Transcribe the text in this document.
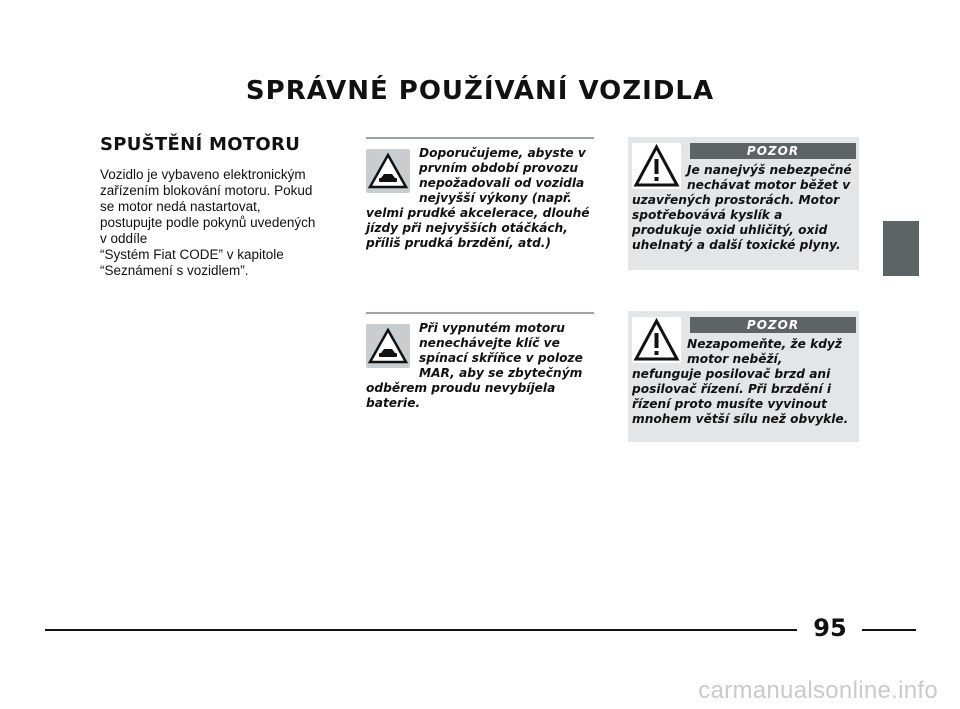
SPRÁVNÉ POUŽÍVÁNÍ VOZIDLA
SPUŠTĚNÍ MOTORU
Vozidlo je vybaveno elektronickým
zařízením blokování motoru. Pokud
se motor nedá nastartovat,
postupujte podle pokynů uvedených
v oddíle
“Systém Fiat CODE” v kapitole
“Seznámení s vozidlem”.
Doporučujeme, abyste v prvním období provozu nepožadovali od vozidla nejvyšší výkony (např. velmi prudké akcelerace, dlouhé jízdy při nejvyšších otáčkách, příliš prudká brzdění, atd.)
Při vypnutém motoru nenechávejte klíč ve spínací skříňce v poloze MAR, aby se zbytečným odběrem proudu nevybíjela baterie.
POZOR
Je nanejvýš nebezpečné nechávat motor běžet v uzavřených prostorách. Motor spotřebovává kyslík a produkuje oxid uhličitý, oxid uhelnatý a další toxické plyny.
POZOR
Nezapomeňte, že když motor neběží, nefunguje posilovač brzd ani posilovač řízení. Při brzdění i řízení proto musíte vyvinout mnohem větší sílu než obvykle.
95
carmanualsonline.info
